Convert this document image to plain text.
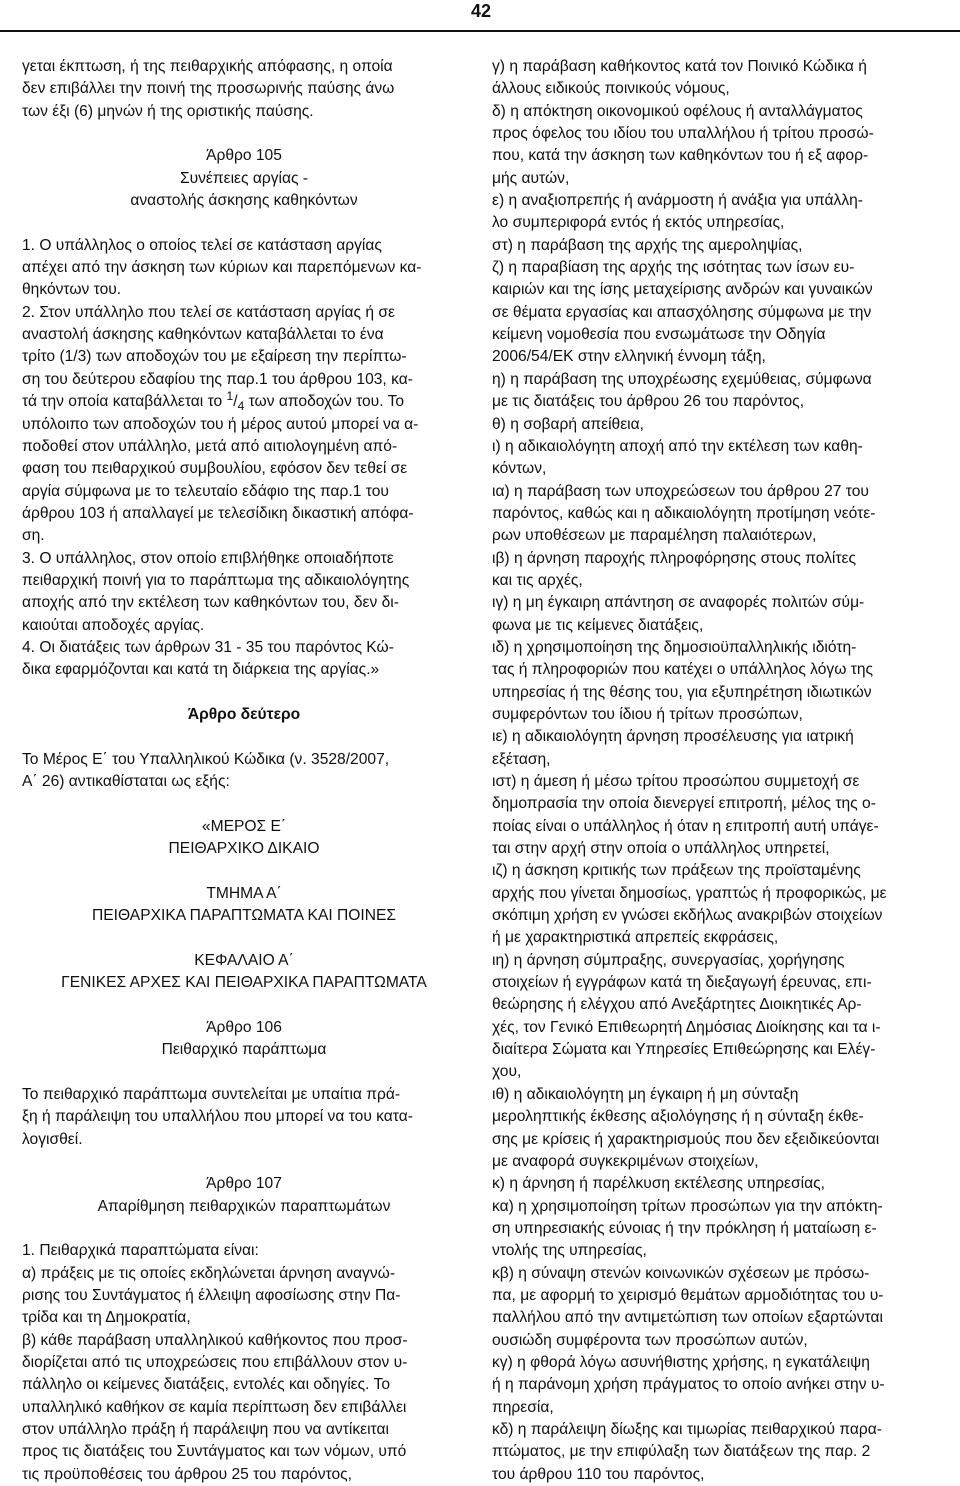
42
γεται έκπτωση, ή της πειθαρχικής απόφασης, η οποία
δεν επιβάλλει την ποινή της προσωρινής παύσης άνω
των έξι (6) μηνών ή της οριστικής παύσης.
Άρθρο 105
Συνέπειες αργίας -
αναστολής άσκησης καθηκόντων
1. Ο υπάλληλος ο οποίος τελεί σε κατάσταση αργίας
απέχει από την άσκηση των κύριων και παρεπόμενων κα-
θηκόντων του.
2. Στον υπάλληλο που τελεί σε κατάσταση αργίας ή σε
αναστολή άσκησης καθηκόντων καταβάλλεται το ένα
τρίτο (1/3) των αποδοχών του με εξαίρεση την περίπτω-
ση του δεύτερου εδαφίου της παρ.1 του άρθρου 103, κα-
τά την οποία καταβάλλεται το $^1/_4$ των αποδοχών του. Το
υπόλοιπο των αποδοχών του ή μέρος αυτού μπορεί να α-
ποδοθεί στον υπάλληλο, μετά από αιτιολογημένη από-
φαση του πειθαρχικού συμβουλίου, εφόσον δεν τεθεί σε
αργία σύμφωνα με το τελευταίο εδάφιο της παρ.1 του
άρθρου 103 ή απαλλαγεί με τελεσίδικη δικαστική απόφα-
ση.
3. Ο υπάλληλος, στον οποίο επιβλήθηκε οποιαδήποτε
πειθαρχική ποινή για το παράπτωμα της αδικαιολόγητης
αποχής από την εκτέλεση των καθηκόντων του, δεν δι-
καιούται αποδοχές αργίας.
4. Οι διατάξεις των άρθρων 31 - 35 του παρόντος Κώ-
δικα εφαρμόζονται και κατά τη διάρκεια της αργίας.»
Άρθρο δεύτερο
Το Μέρος Ε΄ του Υπαλληλικού Κώδικα (ν. 3528/2007,
Α΄ 26) αντικαθίσταται ως εξής:
«ΜΕΡΟΣ Ε΄
ΠΕΙΘΑΡΧΙΚΟ ΔΙΚΑΙΟ
ΤΜΗΜΑ Α΄
ΠΕΙΘΑΡΧΙΚΑ ΠΑΡΑΠΤΩΜΑΤΑ ΚΑΙ ΠΟΙΝΕΣ
ΚΕΦΑΛΑΙΟ Α΄
ΓΕΝΙΚΕΣ ΑΡΧΕΣ ΚΑΙ ΠΕΙΘΑΡΧΙΚΑ ΠΑΡΑΠΤΩΜΑΤΑ
Άρθρο 106
Πειθαρχικό παράπτωμα
Το πειθαρχικό παράπτωμα συντελείται με υπαίτια πρά-
ξη ή παράλειψη του υπαλλήλου που μπορεί να του κατα-
λογισθεί.
Άρθρο 107
Απαρίθμηση πειθαρχικών παραπτωμάτων
1. Πειθαρχικά παραπτώματα είναι:
α) πράξεις με τις οποίες εκδηλώνεται άρνηση αναγνώ-
ρισης του Συντάγματος ή έλλειψη αφοσίωσης στην Πα-
τρίδα και τη Δημοκρατία,
β) κάθε παράβαση υπαλληλικού καθήκοντος που προσ-
διορίζεται από τις υποχρεώσεις που επιβάλλουν στον υ-
πάλληλο οι κείμενες διατάξεις, εντολές και οδηγίες. Το
υπαλληλικό καθήκον σε καμία περίπτωση δεν επιβάλλει
στον υπάλληλο πράξη ή παράλειψη που να αντίκειται
προς τις διατάξεις του Συντάγματος και των νόμων, υπό
τις προϋποθέσεις του άρθρου 25 του παρόντος,
γ) η παράβαση καθήκοντος κατά τον Ποινικό Κώδικα ή
άλλους ειδικούς ποινικούς νόμους,
δ) η απόκτηση οικονομικού οφέλους ή ανταλλάγματος
προς όφελος του ιδίου του υπαλλήλου ή τρίτου προσώ-
που, κατά την άσκηση των καθηκόντων του ή εξ αφορ-
μής αυτών,
ε) η αναξιοπρεπής ή ανάρμοστη ή ανάξια για υπάλλη-
λο συμπεριφορά εντός ή εκτός υπηρεσίας,
στ) η παράβαση της αρχής της αμεροληψίας,
ζ) η παραβίαση της αρχής της ισότητας των ίσων ευ-
καιριών και της ίσης μεταχείρισης ανδρών και γυναικών
σε θέματα εργασίας και απασχόλησης σύμφωνα με την
κείμενη νομοθεσία που ενσωμάτωσε την Οδηγία
2006/54/ΕΚ στην ελληνική έννομη τάξη,
η) η παράβαση της υποχρέωσης εχεμύθειας, σύμφωνα
με τις διατάξεις του άρθρου 26 του παρόντος,
θ) η σοβαρή απείθεια,
ι) η αδικαιολόγητη αποχή από την εκτέλεση των καθη-
κόντων,
ια) η παράβαση των υποχρεώσεων του άρθρου 27 του
παρόντος, καθώς και η αδικαιολόγητη προτίμηση νεότε-
ρων υποθέσεων με παραμέληση παλαιότερων,
ιβ) η άρνηση παροχής πληροφόρησης στους πολίτες
και τις αρχές,
ιγ) η μη έγκαιρη απάντηση σε αναφορές πολιτών σύμ-
φωνα με τις κείμενες διατάξεις,
ιδ) η χρησιμοποίηση της δημοσιοϋπαλληλικής ιδιότη-
τας ή πληροφοριών που κατέχει ο υπάλληλος λόγω της
υπηρεσίας ή της θέσης του, για εξυπηρέτηση ιδιωτικών
συμφερόντων του ίδιου ή τρίτων προσώπων,
ιε) η αδικαιολόγητη άρνηση προσέλευσης για ιατρική
εξέταση,
ιστ) η άμεση ή μέσω τρίτου προσώπου συμμετοχή σε
δημοπρασία την οποία διενεργεί επιτροπή, μέλος της ο-
ποίας είναι ο υπάλληλος ή όταν η επιτροπή αυτή υπάγε-
ται στην αρχή στην οποία ο υπάλληλος υπηρετεί,
ιζ) η άσκηση κριτικής των πράξεων της προϊσταμένης
αρχής που γίνεται δημοσίως, γραπτώς ή προφορικώς, με
σκόπιμη χρήση εν γνώσει εκδήλως ανακριβών στοιχείων
ή με χαρακτηριστικά απρεπείς εκφράσεις,
ιη) η άρνηση σύμπραξης, συνεργασίας, χορήγησης
στοιχείων ή εγγράφων κατά τη διεξαγωγή έρευνας, επι-
θεώρησης ή ελέγχου από Ανεξάρτητες Διοικητικές Αρ-
χές, τον Γενικό Επιθεωρητή Δημόσιας Διοίκησης και τα ι-
διαίτερα Σώματα και Υπηρεσίες Επιθεώρησης και Ελέγ-
χου,
ιθ) η αδικαιολόγητη μη έγκαιρη ή μη σύνταξη
μεροληπτικής έκθεσης αξιολόγησης ή η σύνταξη έκθε-
σης με κρίσεις ή χαρακτηρισμούς που δεν εξειδικεύονται
με αναφορά συγκεκριμένων στοιχείων,
κ) η άρνηση ή παρέλκυση εκτέλεσης υπηρεσίας,
κα) η χρησιμοποίηση τρίτων προσώπων για την απόκτη-
ση υπηρεσιακής εύνοιας ή την πρόκληση ή ματαίωση ε-
ντολής της υπηρεσίας,
κβ) η σύναψη στενών κοινωνικών σχέσεων με πρόσω-
πα, με αφορμή το χειρισμό θεμάτων αρμοδιότητας του υ-
παλλήλου από την αντιμετώπιση των οποίων εξαρτώνται
ουσιώδη συμφέροντα των προσώπων αυτών,
κγ) η φθορά λόγω ασυνήθιστης χρήσης, η εγκατάλειψη
ή η παράνομη χρήση πράγματος το οποίο ανήκει στην υ-
πηρεσία,
κδ) η παράλειψη δίωξης και τιμωρίας πειθαρχικού παρα-
πτώματος, με την επιφύλαξη των διατάξεων της παρ. 2
του άρθρου 110 του παρόντος,
